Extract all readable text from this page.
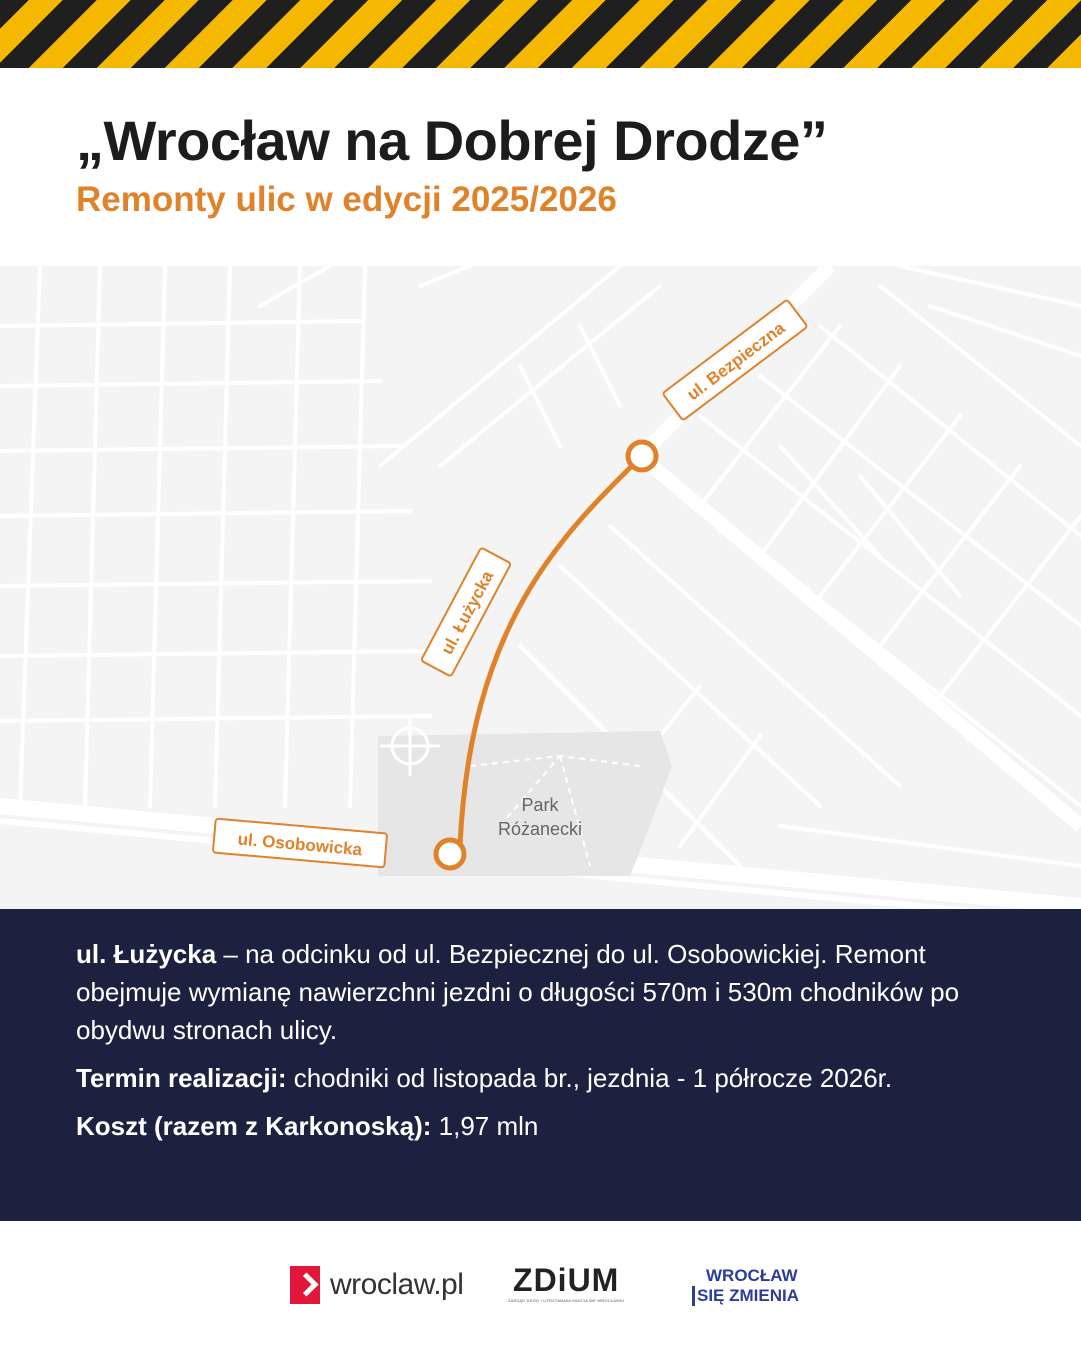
„Wrocław na Dobrej Drodze”
Remonty ulic w edycji 2025/2026
ul. Bezpieczna
ul. Łużycka
ul. Osobowicka
Park
Różanecki

ul. Łużycka – na odcinku od ul. Bezpiecznej do ul. Osobowickiej. Remont obejmuje wymianę nawierzchni jezdni o długości 570m i 530m chodników po obydwu stronach ulicy.

Termin realizacji: chodniki od listopada br., jezdnia - 1 półrocze 2026r.

Koszt (razem z Karkonoską): 1,97 mln

wroclaw.pl ZDiUM
ZARZĄD DRÓG I UTRZYMANIA MIASTA WE WROCŁAWIU
WROCŁAW
SIĘ ZMIENIA
